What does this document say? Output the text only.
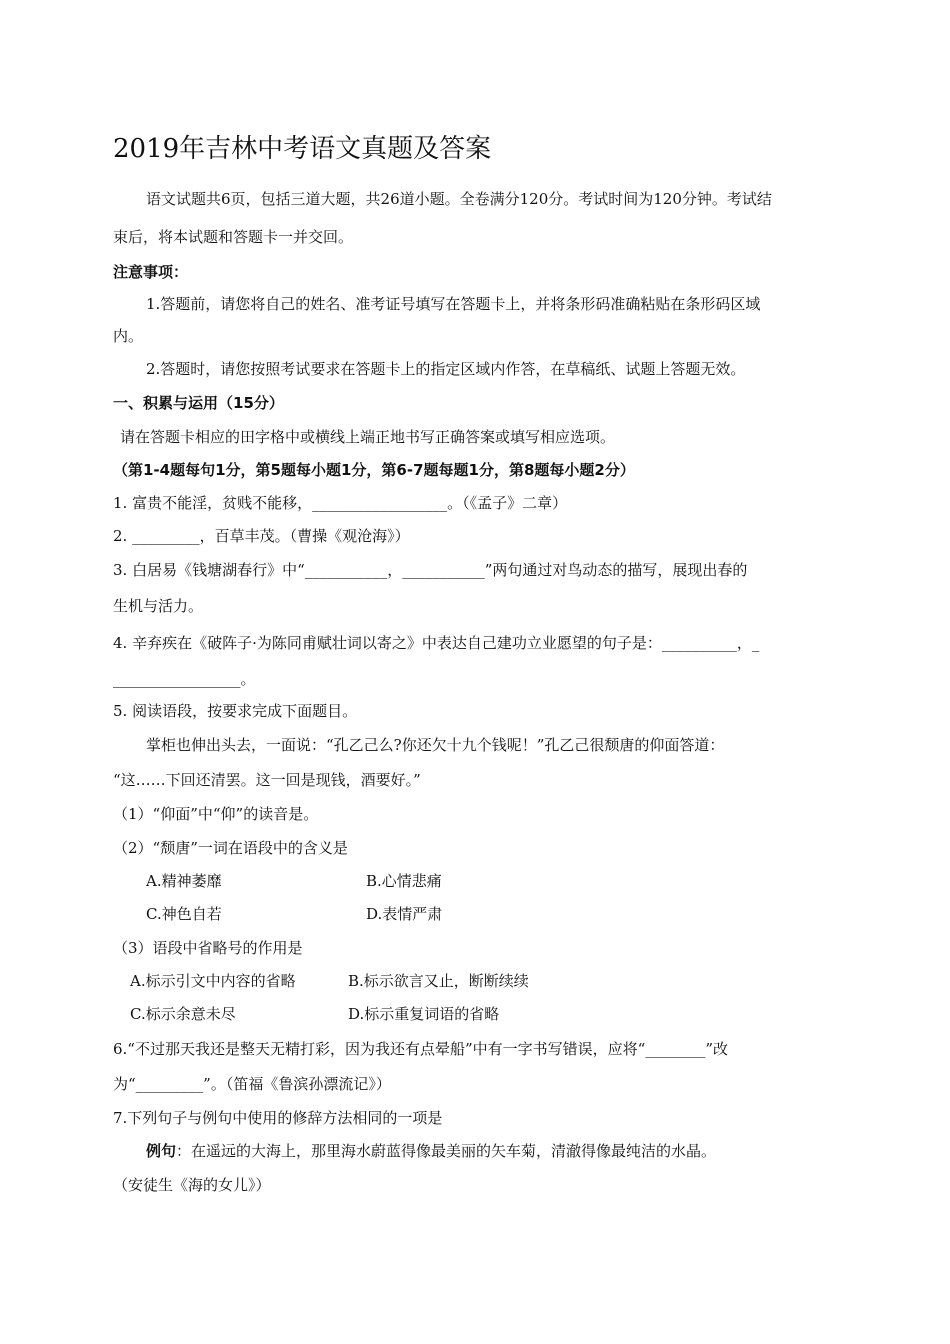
2019年吉林中考语文真题及答案
语文试题共6页，包括三道大题，共26道小题。全卷满分120分。考试时间为120分钟。考试结
束后，将本试题和答题卡一并交回。
注意事项：
1.答题前，请您将自己的姓名、准考证号填写在答题卡上，并将条形码准确粘贴在条形码区域
内。
2.答题时，请您按照考试要求在答题卡上的指定区域内作答，在草稿纸、试题上答题无效。
一、积累与运用（15分）
请在答题卡相应的田字格中或横线上端正地书写正确答案或填写相应选项。
（第1-4题每句1分，第5题每小题1分，第6-7题每题1分，第8题每小题2分）
1. 富贵不能淫，贫贱不能移，__________________。（《孟子》二章）
2. _________，百草丰茂。（曹操《观沧海》）
3. 白居易《钱塘湖春行》中“___________，___________”两句通过对鸟动态的描写，展现出春的
生机与活力。
4. 辛弃疾在《破阵子·为陈同甫赋壮词以寄之》中表达自己建功立业愿望的句子是：__________，_
_________________。
5. 阅读语段，按要求完成下面题目。
掌柜也伸出头去，一面说：“孔乙己么?你还欠十九个钱呢！”孔乙己很颓唐的仰面答道：
“这……下回还清罢。这一回是现钱，酒要好。”
（1）“仰面”中“仰”的读音是。
（2）“颓唐”一词在语段中的含义是
A.精神萎靡	B.心情悲痛
C.神色自若	D.表情严肃
（3）语段中省略号的作用是
A.标示引文中内容的省略	B.标示欲言又止，断断续续
C.标示余意未尽	D.标示重复词语的省略
6.“不过那天我还是整天无精打彩，因为我还有点晕船”中有一字书写错误，应将“________”改
为“_________”。（笛福《鲁滨孙漂流记》）
7.下列句子与例句中使用的修辞方法相同的一项是
例句：在遥远的大海上，那里海水蔚蓝得像最美丽的矢车菊，清澈得像最纯洁的水晶。
（安徒生《海的女儿》）
